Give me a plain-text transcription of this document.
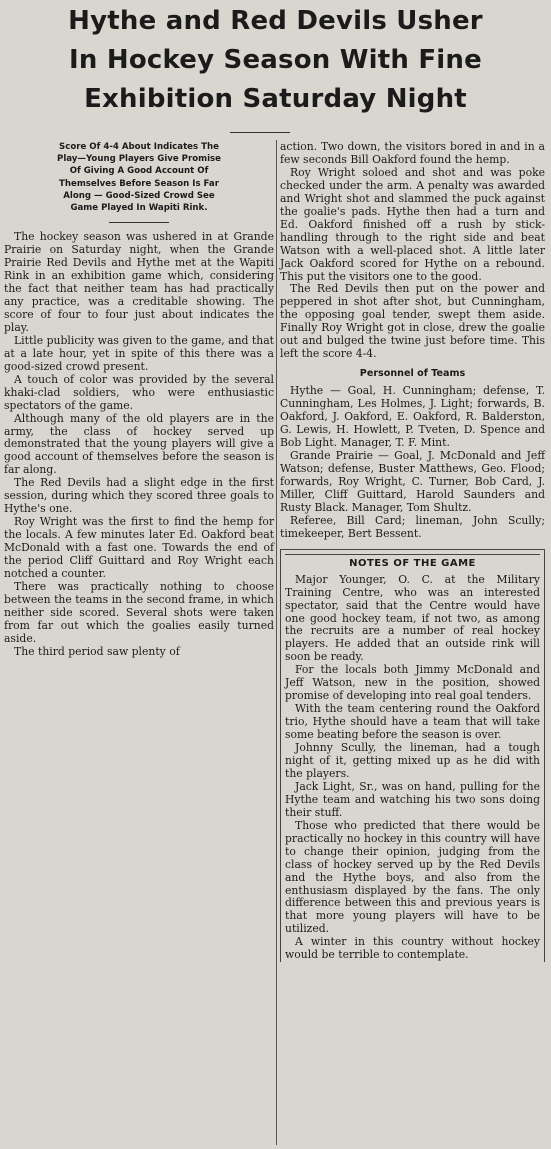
Hythe and Red Devils Usher
In Hockey Season With Fine
Exhibition Saturday Night
Score Of 4-4 About Indicates The
Play—Young Players Give Promise
Of Giving A Good Account Of
Themselves Before Season Is Far
Along — Good-Sized Crowd See
Game Played In Wapiti Rink.

The hockey season was ushered in at Grande Prairie on Saturday night, when the Grande Prairie Red Devils and Hythe met at the Wapiti Rink in an exhibition game which, considering the fact that neither team has had practically any practice, was a creditable showing. The score of four to four just about indicates the play.

Little publicity was given to the game, and that at a late hour, yet in spite of this there was a good-sized crowd present.

A touch of color was provided by the several khaki-clad soldiers, who were enthusiastic spectators of the game.

Although many of the old players are in the army, the class of hockey served up demonstrated that the young players will give a good account of themselves before the season is far along.

The Red Devils had a slight edge in the first session, during which they scored three goals to Hythe's one.

Roy Wright was the first to find the hemp for the locals. A few minutes later Ed. Oakford beat McDonald with a fast one. Towards the end of the period Cliff Guittard and Roy Wright each notched a counter.

There was practically nothing to choose between the teams in the second frame, in which neither side scored. Several shots were taken from far out which the goalies easily turned aside.

The third period saw plenty of

action. Two down, the visitors bored in and in a few seconds Bill Oakford found the hemp.

Roy Wright soloed and shot and was poke checked under the arm. A penalty was awarded and Wright shot and slammed the puck against the goalie's pads. Hythe then had a turn and Ed. Oakford finished off a rush by stick-handling through to the right side and beat Watson with a well-placed shot. A little later Jack Oakford scored for Hythe on a rebound. This put the visitors one to the good.

The Red Devils then put on the power and peppered in shot after shot, but Cunningham, the opposing goal tender, swept them aside. Finally Roy Wright got in close, drew the goalie out and bulged the twine just before time. This left the score 4-4.

Personnel of Teams

Hythe — Goal, H. Cunningham; defense, T. Cunningham, Les Holmes, J. Light; forwards, B. Oakford, J. Oakford, E. Oakford, R. Balderston, G. Lewis, H. Howlett, P. Tveten, D. Spence and Bob Light. Manager, T. F. Mint.

Grande Prairie — Goal, J. McDonald and Jeff Watson; defense, Buster Matthews, Geo. Flood; forwards, Roy Wright, C. Turner, Bob Card, J. Miller, Cliff Guittard, Harold Saunders and Rusty Black. Manager, Tom Shultz.

Referee, Bill Card; lineman, John Scully; timekeeper, Bert Bessent.

NOTES OF THE GAME

Major Younger, O. C. at the Military Training Centre, who was an interested spectator, said that the Centre would have one good hockey team, if not two, as among the recruits are a number of real hockey players. He added that an outside rink will soon be ready.

For the locals both Jimmy McDonald and Jeff Watson, new in the position, showed promise of developing into real goal tenders.

With the team centering round the Oakford trio, Hythe should have a team that will take some beating before the season is over.

Johnny Scully, the lineman, had a tough night of it, getting mixed up as he did with the players.

Jack Light, Sr., was on hand, pulling for the Hythe team and watching his two sons doing their stuff.

Those who predicted that there would be practically no hockey in this country will have to change their opinion, judging from the class of hockey served up by the Red Devils and the Hythe boys, and also from the enthusiasm displayed by the fans. The only difference between this and previous years is that more young players will have to be utilized.

A winter in this country without hockey would be terrible to contemplate.
